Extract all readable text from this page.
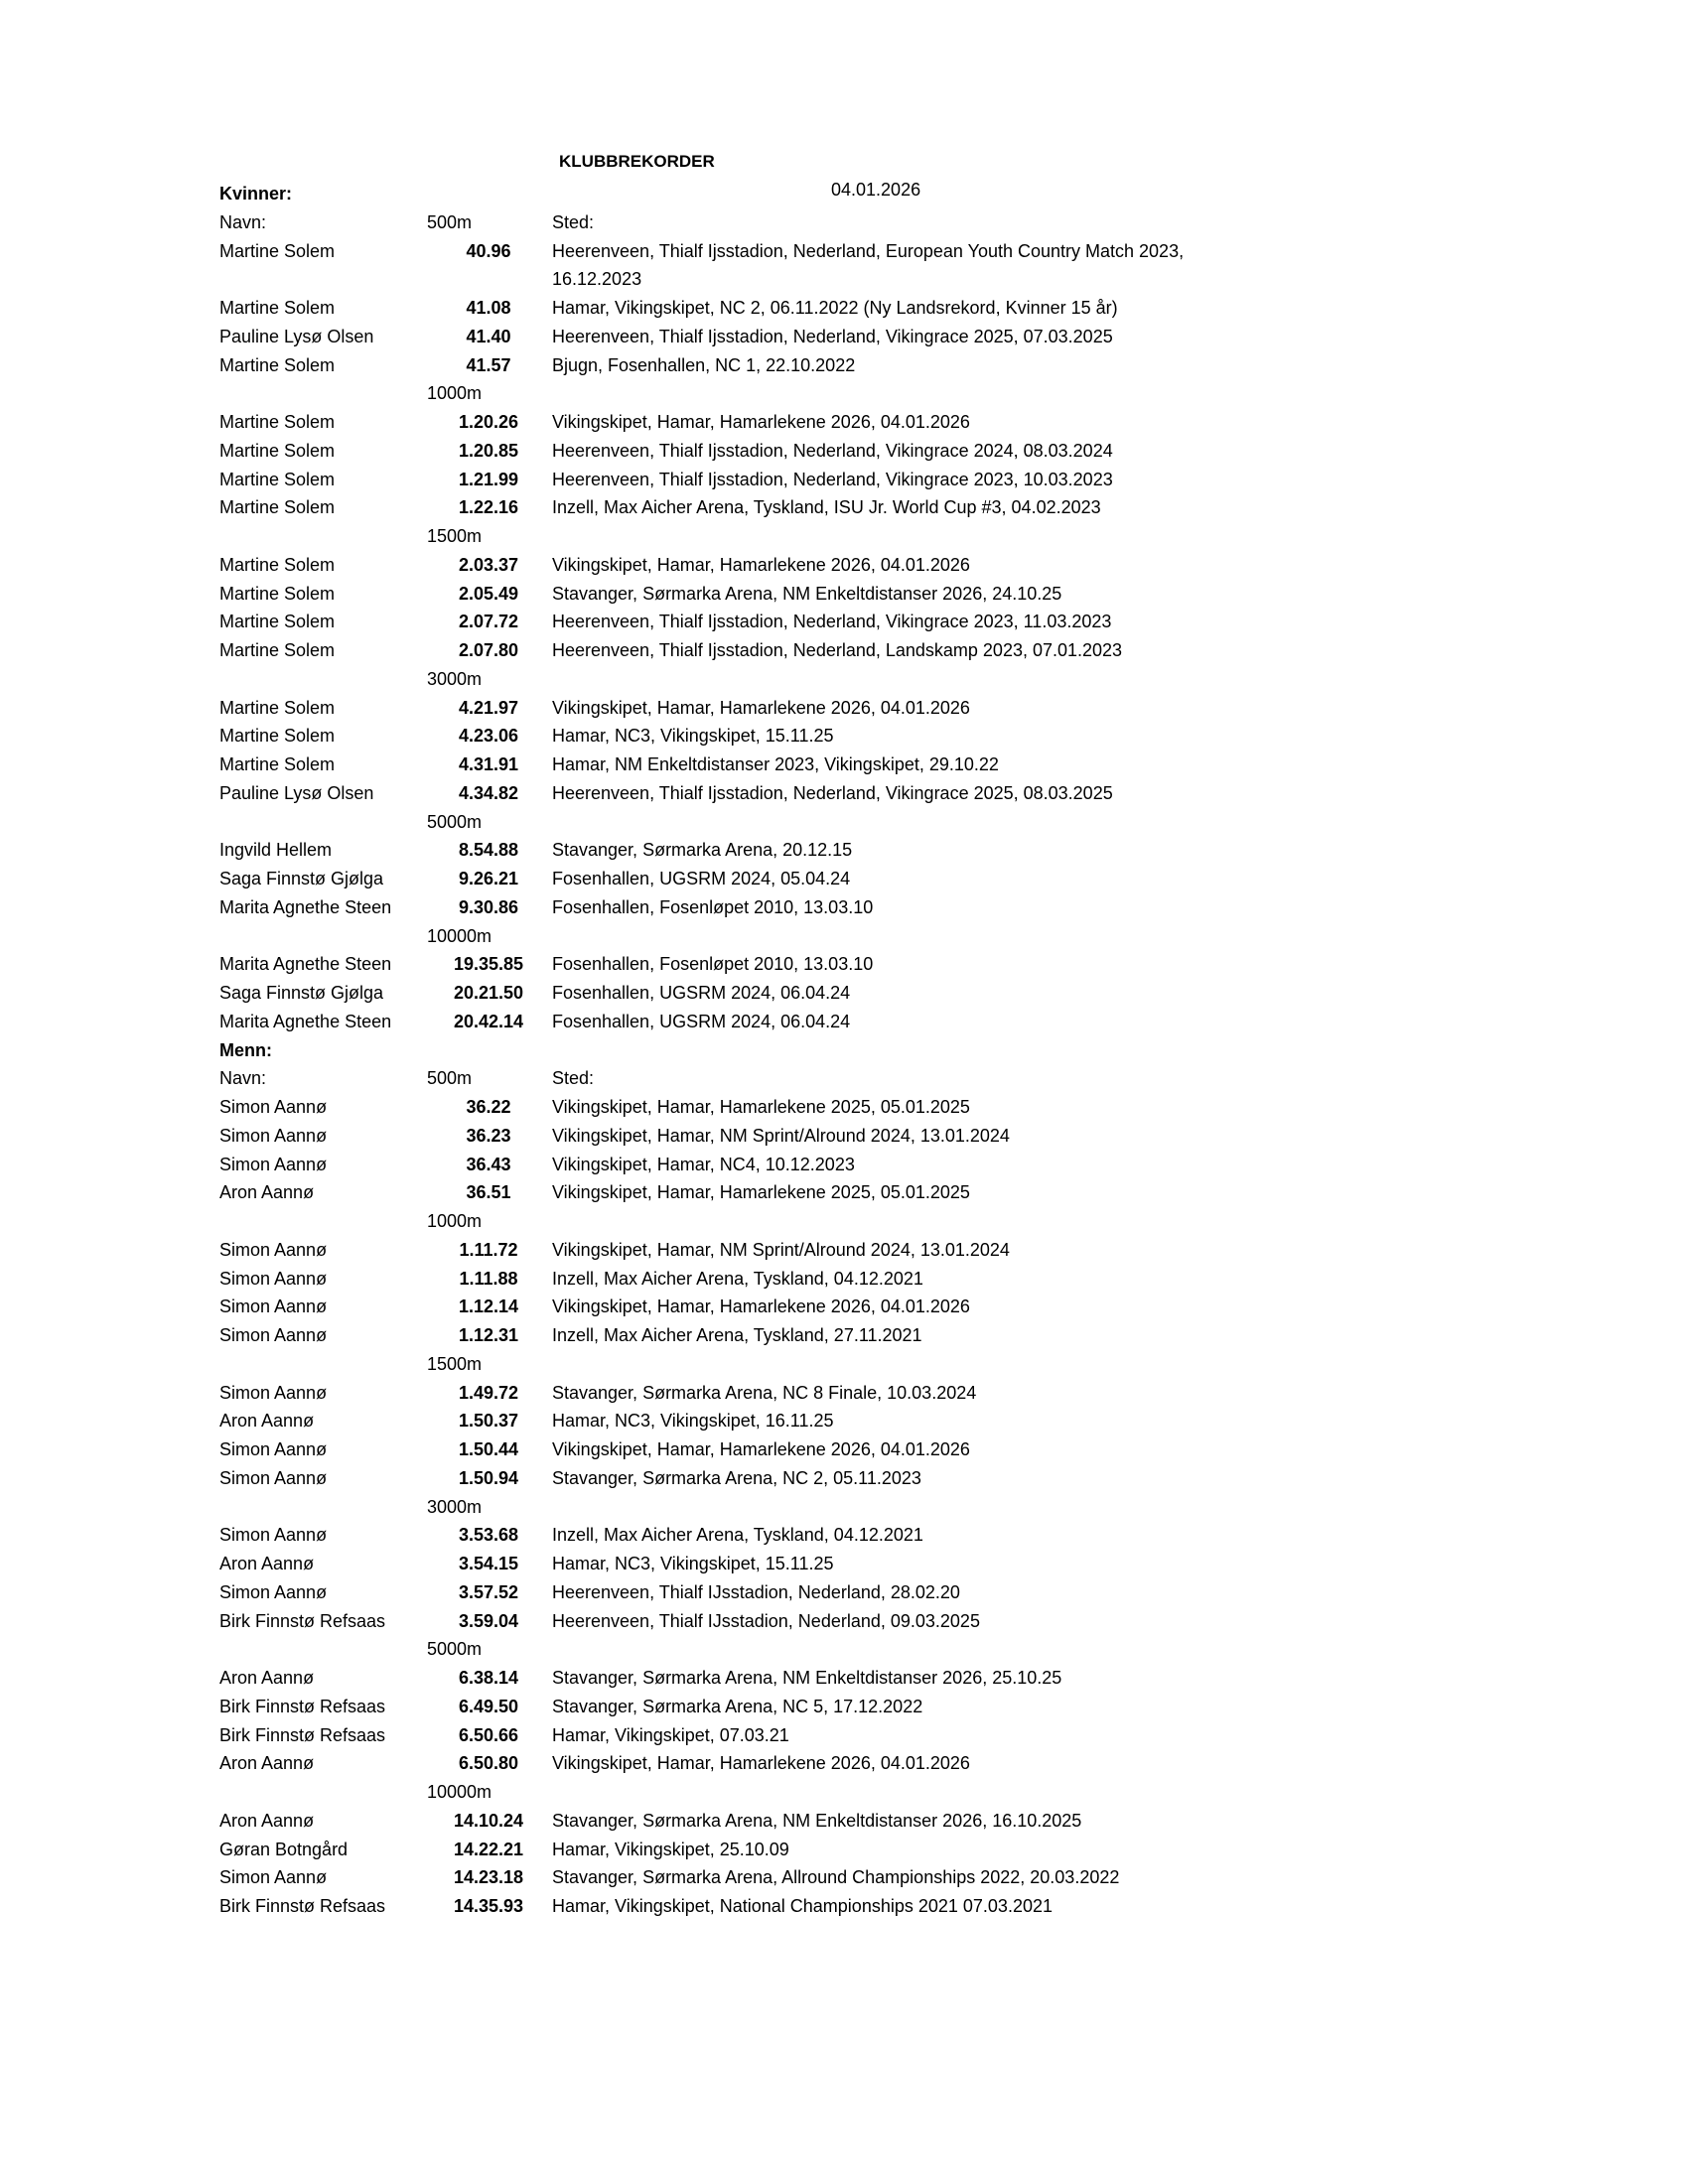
KLUBBREKORDER
04.01.2026
Kvinner:
Navn:	500m	Sted:
Martine Solem	40.96	Heerenveen, Thialf Ijsstadion, Nederland, European Youth Country Match 2023, 16.12.2023
Martine Solem	41.08	Hamar, Vikingskipet, NC 2, 06.11.2022 (Ny Landsrekord, Kvinner 15 år)
Pauline Lysø Olsen	41.40	Heerenveen, Thialf Ijsstadion, Nederland, Vikingrace 2025, 07.03.2025
Martine Solem	41.57	Bjugn, Fosenhallen, NC 1, 22.10.2022
1000m
Martine Solem	1.20.26	Vikingskipet, Hamar, Hamarlekene 2026, 04.01.2026
Martine Solem	1.20.85	Heerenveen, Thialf Ijsstadion, Nederland, Vikingrace 2024, 08.03.2024
Martine Solem	1.21.99	Heerenveen, Thialf Ijsstadion, Nederland, Vikingrace 2023, 10.03.2023
Martine Solem	1.22.16	Inzell, Max Aicher Arena, Tyskland, ISU Jr. World Cup #3, 04.02.2023
1500m
Martine Solem	2.03.37	Vikingskipet, Hamar, Hamarlekene 2026, 04.01.2026
Martine Solem	2.05.49	Stavanger, Sørmarka Arena, NM Enkeltdistanser 2026, 24.10.25
Martine Solem	2.07.72	Heerenveen, Thialf Ijsstadion, Nederland, Vikingrace 2023, 11.03.2023
Martine Solem	2.07.80	Heerenveen, Thialf Ijsstadion, Nederland, Landskamp 2023, 07.01.2023
3000m
Martine Solem	4.21.97	Vikingskipet, Hamar, Hamarlekene 2026, 04.01.2026
Martine Solem	4.23.06	Hamar, NC3, Vikingskipet, 15.11.25
Martine Solem	4.31.91	Hamar, NM Enkeltdistanser 2023, Vikingskipet, 29.10.22
Pauline Lysø Olsen	4.34.82	Heerenveen, Thialf Ijsstadion, Nederland, Vikingrace 2025, 08.03.2025
5000m
Ingvild Hellem	8.54.88	Stavanger, Sørmarka Arena, 20.12.15
Saga Finnstø Gjølga	9.26.21	Fosenhallen, UGSRM 2024, 05.04.24
Marita Agnethe Steen	9.30.86	Fosenhallen, Fosenløpet 2010, 13.03.10
10000m
Marita Agnethe Steen	19.35.85	Fosenhallen, Fosenløpet 2010, 13.03.10
Saga Finnstø Gjølga	20.21.50	Fosenhallen, UGSRM 2024, 06.04.24
Marita Agnethe Steen	20.42.14	Fosenhallen, UGSRM 2024, 06.04.24
Menn:
Navn:	500m	Sted:
Simon Aannø	36.22	Vikingskipet, Hamar, Hamarlekene 2025, 05.01.2025
Simon Aannø	36.23	Vikingskipet, Hamar, NM Sprint/Alround 2024, 13.01.2024
Simon Aannø	36.43	Vikingskipet, Hamar, NC4, 10.12.2023
Aron Aannø	36.51	Vikingskipet, Hamar, Hamarlekene 2025, 05.01.2025
1000m
Simon Aannø	1.11.72	Vikingskipet, Hamar, NM Sprint/Alround 2024, 13.01.2024
Simon Aannø	1.11.88	Inzell, Max Aicher Arena, Tyskland, 04.12.2021
Simon Aannø	1.12.14	Vikingskipet, Hamar, Hamarlekene 2026, 04.01.2026
Simon Aannø	1.12.31	Inzell, Max Aicher Arena, Tyskland, 27.11.2021
1500m
Simon Aannø	1.49.72	Stavanger, Sørmarka Arena, NC 8 Finale, 10.03.2024
Aron Aannø	1.50.37	Hamar, NC3, Vikingskipet, 16.11.25
Simon Aannø	1.50.44	Vikingskipet, Hamar, Hamarlekene 2026, 04.01.2026
Simon Aannø	1.50.94	Stavanger, Sørmarka Arena, NC 2, 05.11.2023
3000m
Simon Aannø	3.53.68	Inzell, Max Aicher Arena, Tyskland, 04.12.2021
Aron Aannø	3.54.15	Hamar, NC3, Vikingskipet, 15.11.25
Simon Aannø	3.57.52	Heerenveen, Thialf IJsstadion, Nederland, 28.02.20
Birk Finnstø Refsaas	3.59.04	Heerenveen, Thialf IJsstadion, Nederland, 09.03.2025
5000m
Aron Aannø	6.38.14	Stavanger, Sørmarka Arena, NM Enkeltdistanser 2026, 25.10.25
Birk Finnstø Refsaas	6.49.50	Stavanger, Sørmarka Arena, NC 5, 17.12.2022
Birk Finnstø Refsaas	6.50.66	Hamar, Vikingskipet, 07.03.21
Aron Aannø	6.50.80	Vikingskipet, Hamar, Hamarlekene 2026, 04.01.2026
10000m
Aron Aannø	14.10.24	Stavanger, Sørmarka Arena, NM Enkeltdistanser 2026, 16.10.2025
Gøran Botngård	14.22.21	Hamar, Vikingskipet, 25.10.09
Simon Aannø	14.23.18	Stavanger, Sørmarka Arena, Allround Championships 2022, 20.03.2022
Birk Finnstø Refsaas	14.35.93	Hamar, Vikingskipet, National Championships 2021 07.03.2021
